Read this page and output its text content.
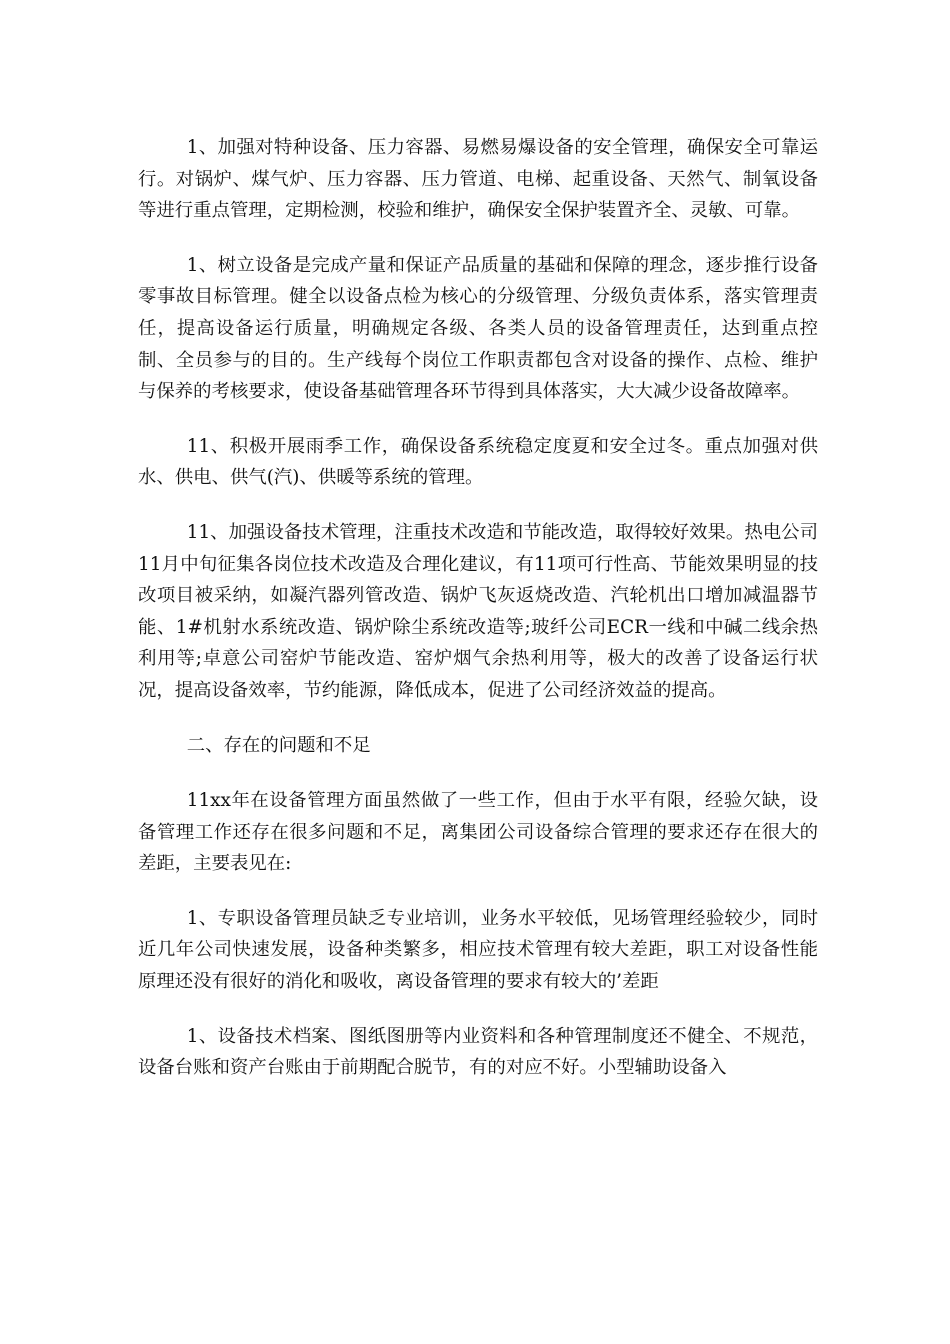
1、加强对特种设备、压力容器、易燃易爆设备的安全管理，确保安全可靠运行。对锅炉、煤气炉、压力容器、压力管道、电梯、起重设备、天然气、制氧设备等进行重点管理，定期检测，校验和维护，确保安全保护装置齐全、灵敏、可靠。

1、树立设备是完成产量和保证产品质量的基础和保障的理念，逐步推行设备零事故目标管理。健全以设备点检为核心的分级管理、分级负责体系，落实管理责任，提高设备运行质量，明确规定各级、各类人员的设备管理责任，达到重点控制、全员参与的目的。生产线每个岗位工作职责都包含对设备的操作、点检、维护与保养的考核要求，使设备基础管理各环节得到具体落实，大大减少设备故障率。

11、积极开展雨季工作，确保设备系统稳定度夏和安全过冬。重点加强对供水、供电、供气(汽)、供暖等系统的管理。

11、加强设备技术管理，注重技术改造和节能改造，取得较好效果。热电公司11月中旬征集各岗位技术改造及合理化建议，有11项可行性高、节能效果明显的技改项目被采纳，如凝汽器列管改造、锅炉飞灰返烧改造、汽轮机出口增加减温器节能、1#机射水系统改造、锅炉除尘系统改造等;玻纤公司ECR一线和中碱二线余热利用等;卓意公司窑炉节能改造、窑炉烟气余热利用等，极大的改善了设备运行状况，提高设备效率，节约能源，降低成本，促进了公司经济效益的提高。

二、存在的问题和不足

11xx年在设备管理方面虽然做了一些工作，但由于水平有限，经验欠缺，设备管理工作还存在很多问题和不足，离集团公司设备综合管理的要求还存在很大的差距，主要表见在:

1、专职设备管理员缺乏专业培训，业务水平较低，见场管理经验较少，同时近几年公司快速发展，设备种类繁多，相应技术管理有较大差距，职工对设备性能原理还没有很好的消化和吸收，离设备管理的要求有较大的’差距

1、设备技术档案、图纸图册等内业资料和各种管理制度还不健全、不规范，设备台账和资产台账由于前期配合脱节，有的对应不好。小型辅助设备入
